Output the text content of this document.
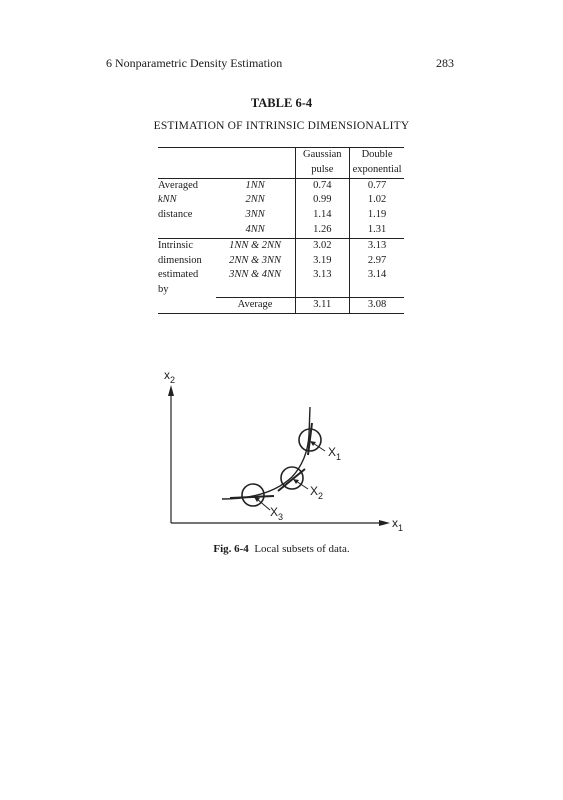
6 Nonparametric Density Estimation	283
TABLE 6-4
ESTIMATION OF INTRINSIC DIMENSIONALITY
		Gaussian	Double
		pulse	exponential
Averaged	1NN	0.74	0.77
kNN	2NN	0.99	1.02
distance	3NN	1.14	1.19
	4NN	1.26	1.31
Intrinsic	1NN & 2NN	3.02	3.13
dimension	2NN & 3NN	3.19	2.97
estimated	3NN & 4NN	3.13	3.14
by			
	Average	3.11	3.08
$x_2$
$x_1$
$X_1$
$X_2$
$X_3$
Fig. 6-4 Local subsets of data.
